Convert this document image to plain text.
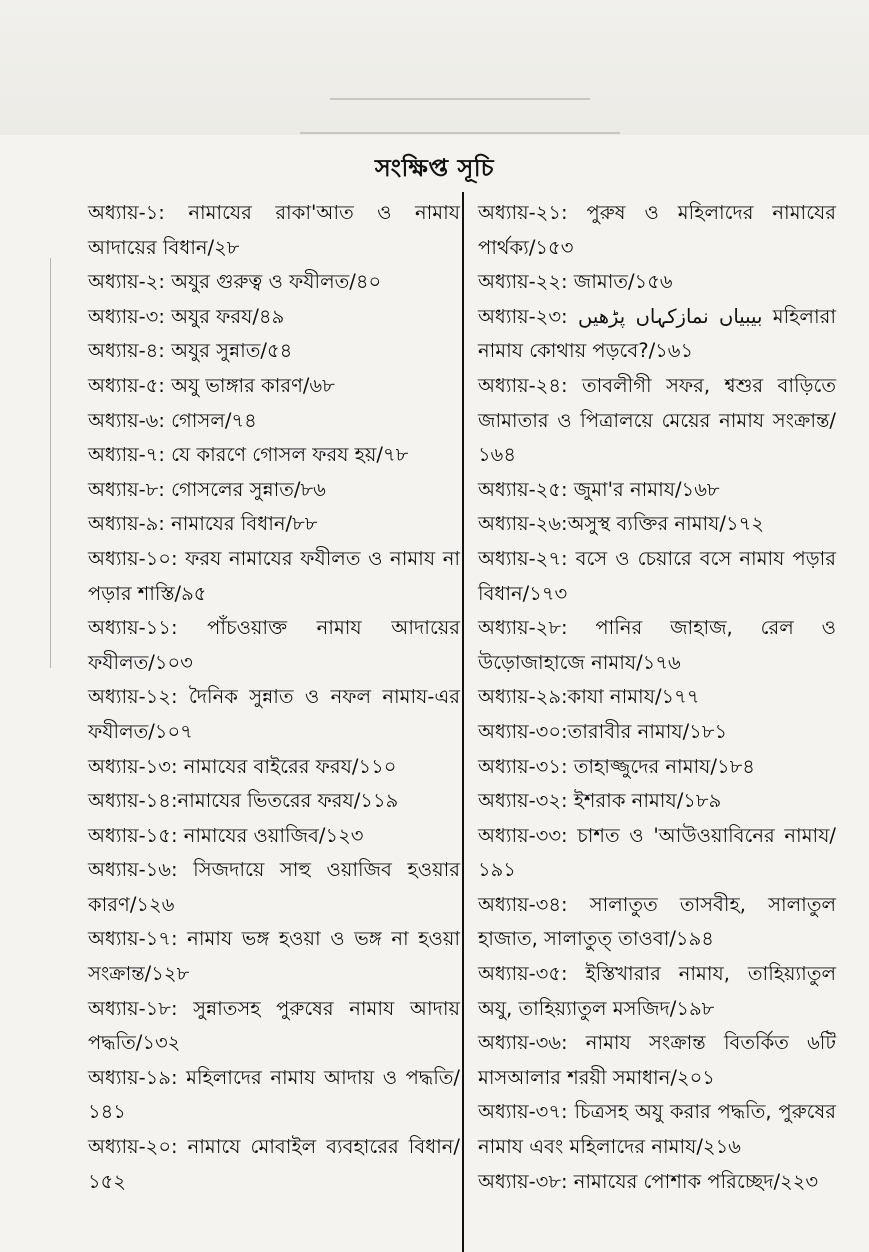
সংক্ষিপ্ত সূচি

অধ্যায়-১: নামাযের রাকা'আত ও নামায আদায়ের বিধান/২৮

অধ্যায়-২: অযুর গুরুত্ব ও ফযীলত/৪০

অধ্যায়-৩: অযুর ফরয/৪৯

অধ্যায়-৪: অযুর সুন্নাত/৫৪

অধ্যায়-৫: অযু ভাঙ্গার কারণ/৬৮

অধ্যায়-৬: গোসল/৭৪

অধ্যায়-৭: যে কারণে গোসল ফরয হয়/৭৮

অধ্যায়-৮: গোসলের সুন্নাত/৮৬

অধ্যায়-৯: নামাযের বিধান/৮৮

অধ্যায়-১০: ফরয নামাযের ফযীলত ও নামায না পড়ার শাস্তি/৯৫

অধ্যায়-১১: পাঁচওয়াক্ত নামায আদায়ের ফযীলত/১০৩

অধ্যায়-১২: দৈনিক সুন্নাত ও নফল নামায-এর ফযীলত/১০৭

অধ্যায়-১৩: নামাযের বাইরের ফরয/১১০

অধ্যায়-১৪:নামাযের ভিতরের ফরয/১১৯

অধ্যায়-১৫: নামাযের ওয়াজিব/১২৩

অধ্যায়-১৬: সিজদায়ে সাহু ওয়াজিব হওয়ার কারণ/১২৬

অধ্যায়-১৭: নামায ভঙ্গ হওয়া ও ভঙ্গ না হওয়া সংক্রান্ত/১২৮

অধ্যায়-১৮: সুন্নাতসহ পুরুষের নামায আদায় পদ্ধতি/১৩২

অধ্যায়-১৯: মহিলাদের নামায আদায় ও পদ্ধতি/১৪১

অধ্যায়-২০: নামাযে মোবাইল ব্যবহারের বিধান/১৫২

অধ্যায়-২১: পুরুষ ও মহিলাদের নামাযের পার্থক্য/১৫৩

অধ্যায়-২২: জামাত/১৫৬

অধ্যায়-২৩: بیبیاں نمازکہاں پڑھیں মহিলারা নামায কোথায় পড়বে?/১৬১

অধ্যায়-২৪: তাবলীগী সফর, শ্বশুর বাড়িতে জামাতার ও পিত্রালয়ে মেয়ের নামায সংক্রান্ত/১৬৪

অধ্যায়-২৫: জুমা'র নামায/১৬৮

অধ্যায়-২৬:অসুস্থ ব্যক্তির নামায/১৭২

অধ্যায়-২৭: বসে ও চেয়ারে বসে নামায পড়ার বিধান/১৭৩

অধ্যায়-২৮: পানির জাহাজ, রেল ও উড়োজাহাজে নামায/১৭৬

অধ্যায়-২৯:কাযা নামায/১৭৭

অধ্যায়-৩০:তারাবীর নামায/১৮১

অধ্যায়-৩১: তাহাজ্জুদের নামায/১৮৪

অধ্যায়-৩২: ইশরাক নামায/১৮৯

অধ্যায়-৩৩: চাশত ও 'আউওয়াবিনের নামায/১৯১

অধ্যায়-৩৪: সালাতুত তাসবীহ, সালাতুল হাজাত, সালাতুত্ তাওবা/১৯৪

অধ্যায়-৩৫: ইস্তিখারার নামায, তাহিয়্যাতুল অযু, তাহিয়্যাতুল মসজিদ/১৯৮

অধ্যায়-৩৬: নামায সংক্রান্ত বিতর্কিত ৬টি মাসআলার শরয়ী সমাধান/২০১

অধ্যায়-৩৭: চিত্রসহ অযু করার পদ্ধতি, পুরুষের নামায এবং মহিলাদের নামায/২১৬

অধ্যায়-৩৮: নামাযের পোশাক পরিচ্ছেদ/২২৩
